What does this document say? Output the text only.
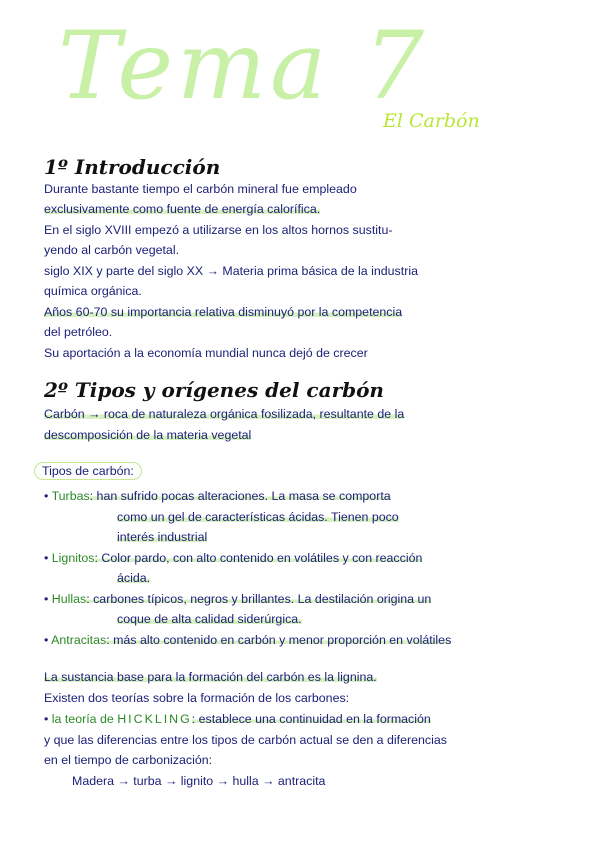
Tema 7
El Carbón
1º Introducción
Durante bastante tiempo el carbón mineral fue empleado
exclusivamente como fuente de energía calorífica.
En el siglo XVIII empezó a utilizarse en los altos hornos sustitu-
yendo al carbón vegetal.
siglo XIX y parte del siglo XX → Materia prima básica de la industria
química orgánica.
Años 60-70 su importancia relativa disminuyó por la competencia
del petróleo.
Su aportación a la economía mundial nunca dejó de crecer
2º Tipos y orígenes del carbón
Carbón → roca de naturaleza orgánica fosilizada, resultante de la
descomposición de la materia vegetal
Tipos de carbón:
• Turbas: han sufrido pocas alteraciones. La masa se comporta
como un gel de características ácidas. Tienen poco
interés industrial
• Lignitos: Color pardo, con alto contenido en volátiles y con reacción
ácida.
• Hullas: carbones típicos, negros y brillantes. La destilación origina un
coque de alta calidad siderúrgica.
• Antracitas: más alto contenido en carbón y menor proporción en volátiles
La sustancia base para la formación del carbón es la lignina.
Existen dos teorías sobre la formación de los carbones:
• la teoría de HICKLING: establece una continuidad en la formación
y que las diferencias entre los tipos de carbón actual se den a diferencias
en el tiempo de carbonización:
Madera → turba → lignito → hulla → antracita
